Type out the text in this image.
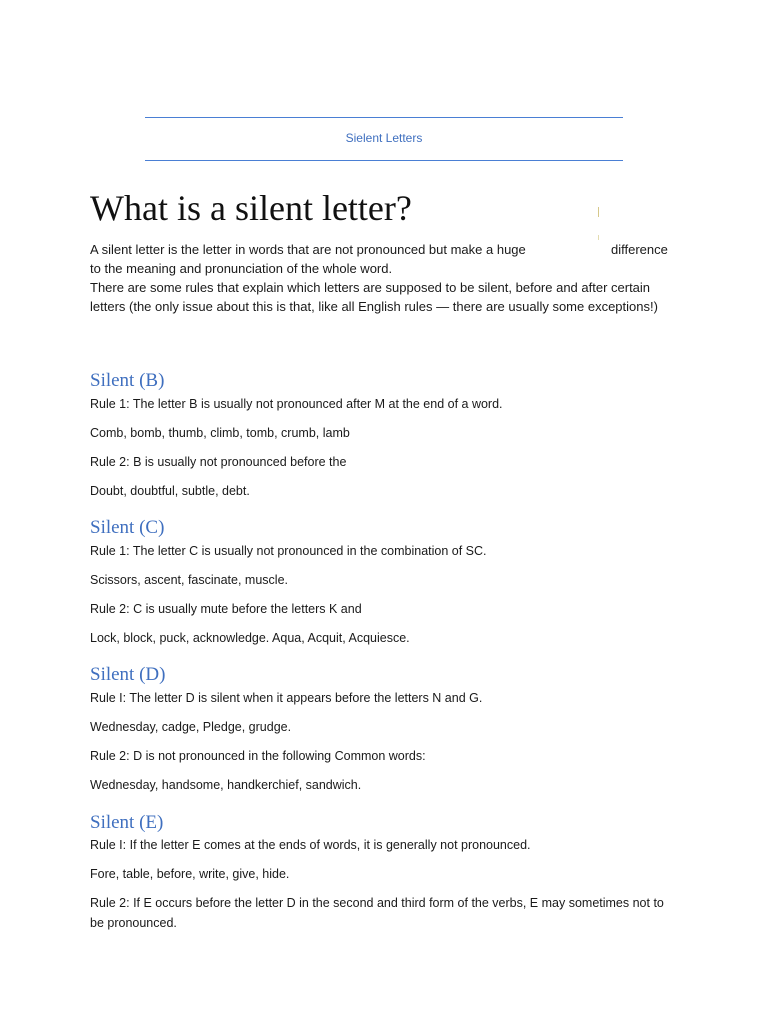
Sielent Letters
What is a silent letter?
A silent letter is the letter in words that are not pronounced but make a huge	difference

to the meaning and pronunciation of the whole word.

There are some rules that explain which letters are supposed to be silent, before and after certain letters (the only issue about this is that, like all English rules — there are usually some exceptions!)

Silent (B)

Rule 1: The letter B is usually not pronounced after M at the end of a word.

Comb, bomb, thumb, climb, tomb, crumb, lamb

Rule 2: B is usually not pronounced before the

Doubt, doubtful, subtle, debt.

Silent (C)

Rule 1: The letter C is usually not pronounced in the combination of SC.

Scissors, ascent, fascinate, muscle.

Rule 2: C is usually mute before the letters K and

Lock, block, puck, acknowledge. Aqua, Acquit, Acquiesce.

Silent (D)

Rule I: The letter D is silent when it appears before the letters N and G.

Wednesday, cadge, Pledge, grudge.

Rule 2: D is not pronounced in the following Common words:

Wednesday, handsome, handkerchief, sandwich.

Silent (E)

Rule I: If the letter E comes at the ends of words, it is generally not pronounced.

Fore, table, before, write, give, hide.

Rule 2: If E occurs before the letter D in the second and third form of the verbs, E may sometimes not to be pronounced.
